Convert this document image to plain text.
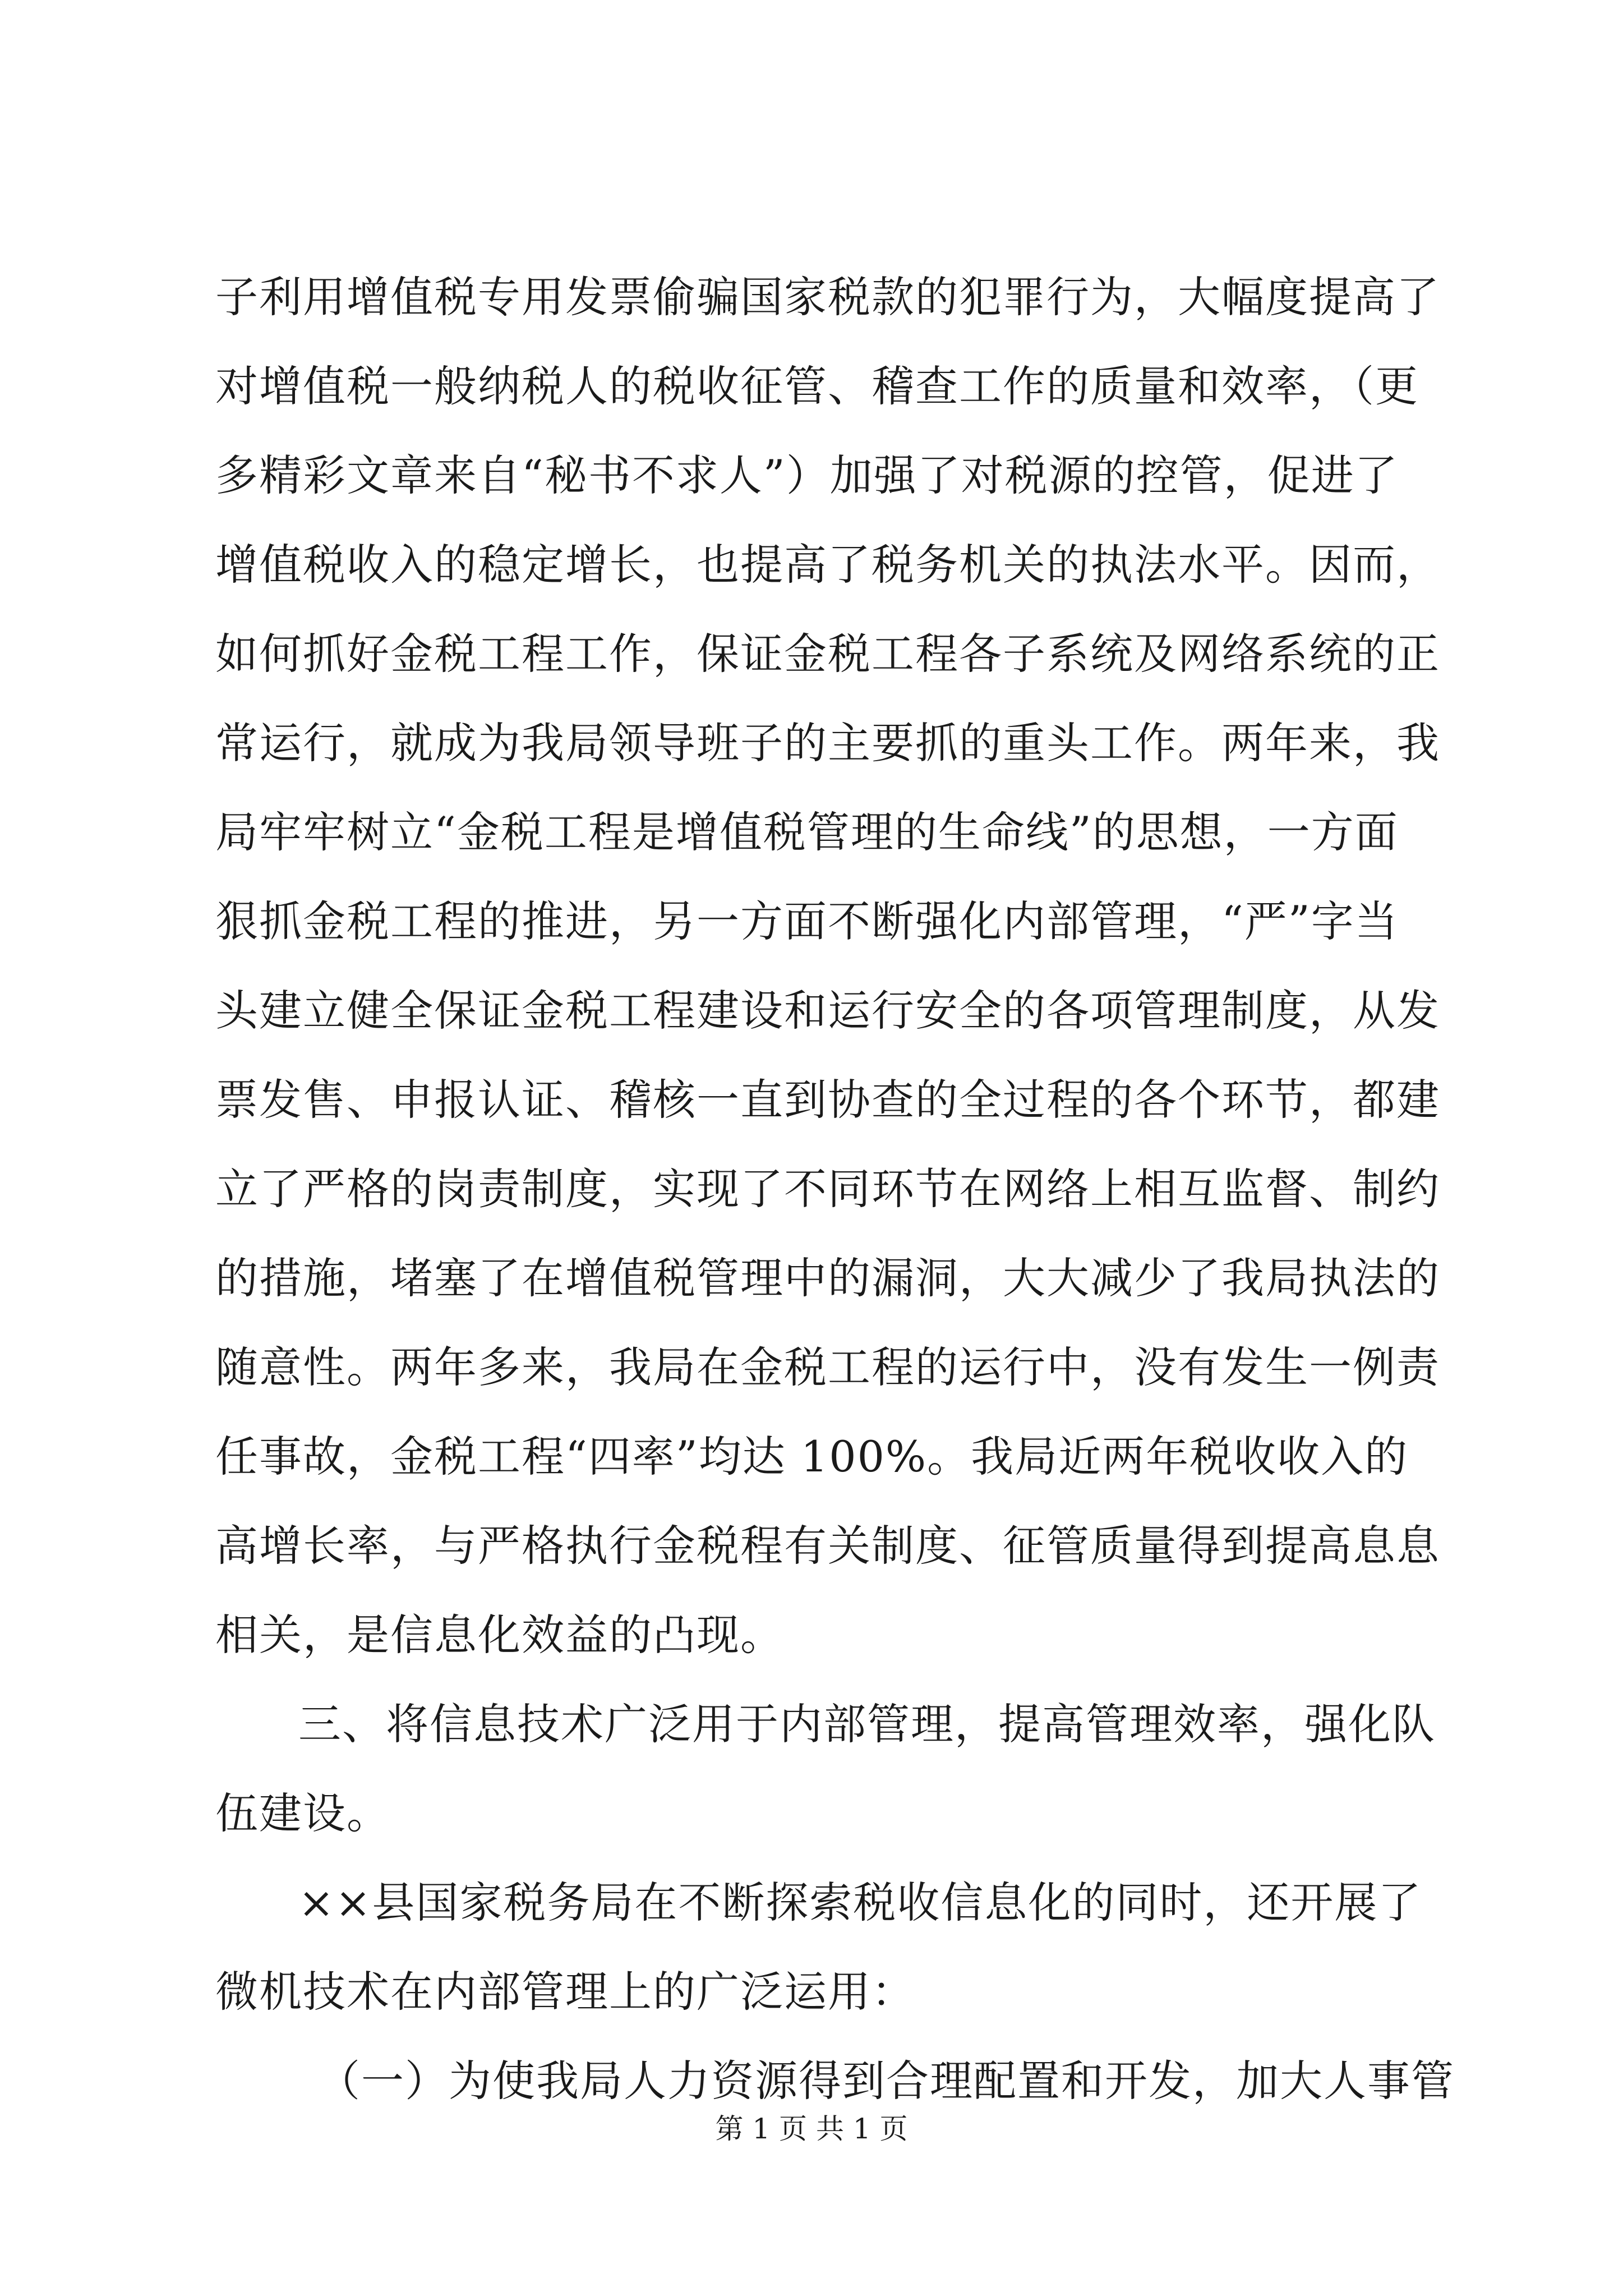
子利用增值税专用发票偷骗国家税款的犯罪行为，大幅度提高了
对增值税一般纳税人的税收征管、稽查工作的质量和效率，（更
多精彩文章来自“秘书不求人”）加强了对税源的控管，促进了
增值税收入的稳定增长，也提高了税务机关的执法水平。因而，
如何抓好金税工程工作，保证金税工程各子系统及网络系统的正
常运行，就成为我局领导班子的主要抓的重头工作。两年来，我
局牢牢树立“金税工程是增值税管理的生命线”的思想，一方面
狠抓金税工程的推进，另一方面不断强化内部管理，“严”字当
头建立健全保证金税工程建设和运行安全的各项管理制度，从发
票发售、申报认证、稽核一直到协查的全过程的各个环节，都建
立了严格的岗责制度，实现了不同环节在网络上相互监督、制约
的措施，堵塞了在增值税管理中的漏洞，大大减少了我局执法的
随意性。两年多来，我局在金税工程的运行中，没有发生一例责
任事故，金税工程“四率”均达 100%。我局近两年税收收入的
高增长率，与严格执行金税程有关制度、征管质量得到提高息息
相关，是信息化效益的凸现。
三、将信息技术广泛用于内部管理，提高管理效率，强化队
伍建设。
××县国家税务局在不断探索税收信息化的同时，还开展了
微机技术在内部管理上的广泛运用：
（一）为使我局人力资源得到合理配置和开发，加大人事管
第 1 页 共 1 页
